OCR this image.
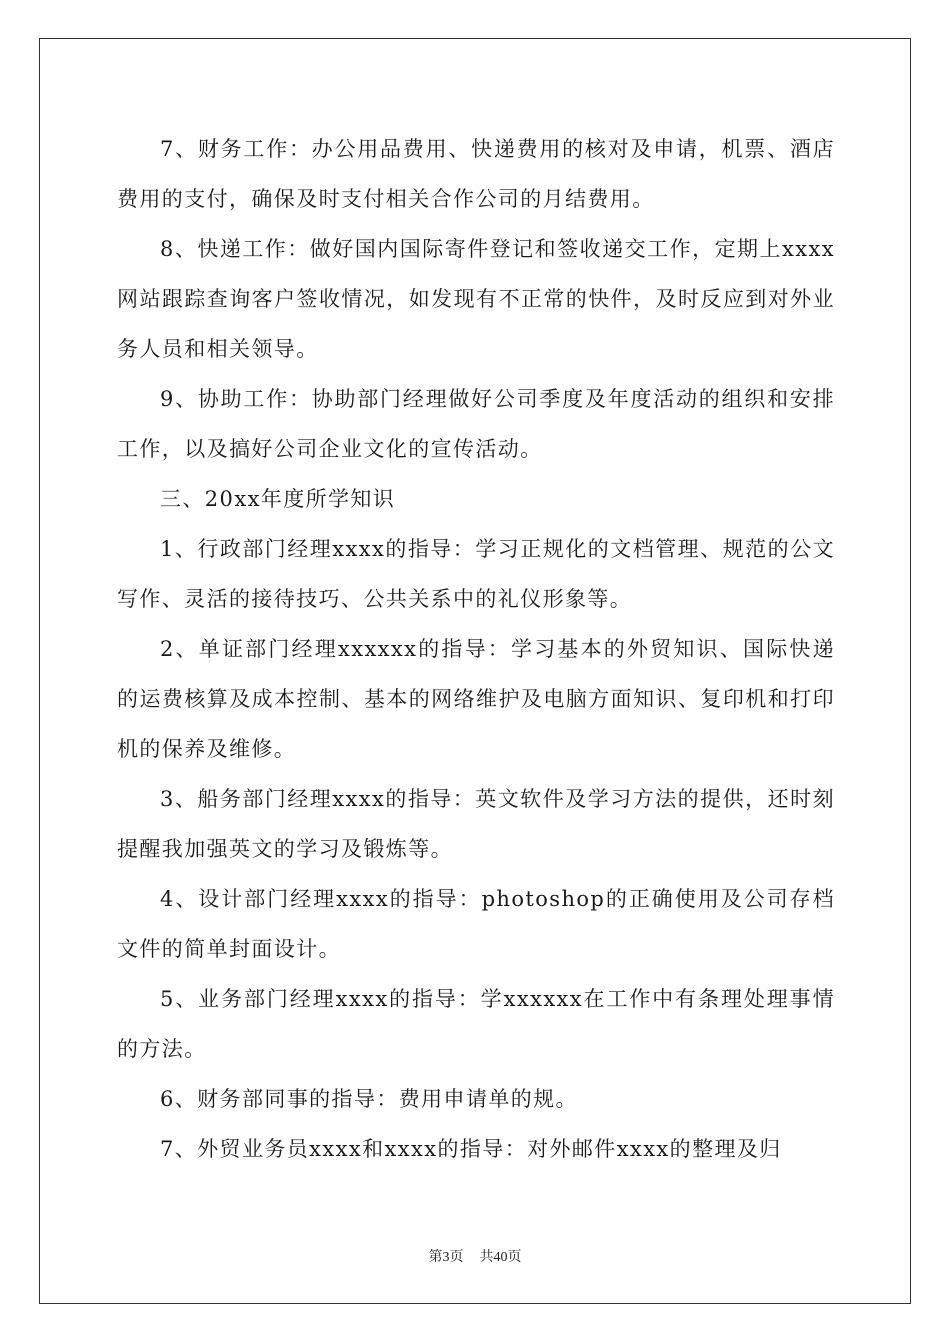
7、财务工作：办公用品费用、快递费用的核对及申请，机票、酒店费用的支付，确保及时支付相关合作公司的月结费用。

8、快递工作：做好国内国际寄件登记和签收递交工作，定期上xxxx网站跟踪查询客户签收情况，如发现有不正常的快件，及时反应到对外业务人员和相关领导。

9、协助工作：协助部门经理做好公司季度及年度活动的组织和安排工作，以及搞好公司企业文化的宣传活动。

三、20xx年度所学知识

1、行政部门经理xxxx的指导：学习正规化的文档管理、规范的公文写作、灵活的接待技巧、公共关系中的礼仪形象等。

2、单证部门经理xxxxxx的指导：学习基本的外贸知识、国际快递的运费核算及成本控制、基本的网络维护及电脑方面知识、复印机和打印机的保养及维修。

3、船务部门经理xxxx的指导：英文软件及学习方法的提供，还时刻提醒我加强英文的学习及锻炼等。

4、设计部门经理xxxx的指导：photoshop的正确使用及公司存档文件的简单封面设计。

5、业务部门经理xxxx的指导：学xxxxxx在工作中有条理处理事情的方法。

6、财务部同事的指导：费用申请单的规。

7、外贸业务员xxxx和xxxx的指导：对外邮件xxxx的整理及归

第3页 共40页
